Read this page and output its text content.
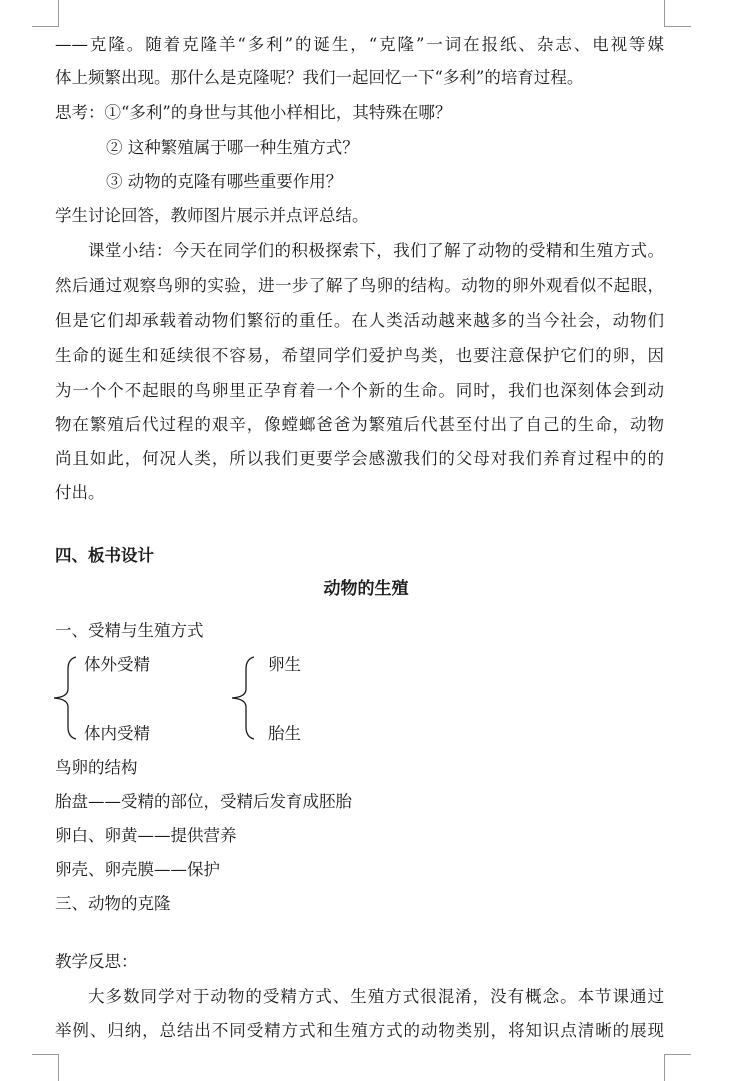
——克隆。随着克隆羊“多利”的诞生，“克隆”一词在报纸、杂志、电视等媒
体上频繁出现。那什么是克隆呢？我们一起回忆一下“多利”的培育过程。
思考：①“多利”的身世与其他小样相比，其特殊在哪？
② 这种繁殖属于哪一种生殖方式？
③ 动物的克隆有哪些重要作用？
学生讨论回答，教师图片展示并点评总结。
课堂小结：今天在同学们的积极探索下，我们了解了动物的受精和生殖方式。
然后通过观察鸟卵的实验，进一步了解了鸟卵的结构。动物的卵外观看似不起眼，
但是它们却承载着动物们繁衍的重任。在人类活动越来越多的当今社会，动物们
生命的诞生和延续很不容易，希望同学们爱护鸟类，也要注意保护它们的卵，因
为一个个不起眼的鸟卵里正孕育着一个个新的生命。同时，我们也深刻体会到动
物在繁殖后代过程的艰辛，像螳螂爸爸为繁殖后代甚至付出了自己的生命，动物
尚且如此，何况人类，所以我们更要学会感激我们的父母对我们养育过程中的的
付出。
四、板书设计
动物的生殖
一、受精与生殖方式
体外受精
体内受精
卵生
胎生
鸟卵的结构
胎盘——受精的部位，受精后发育成胚胎
卵白、卵黄——提供营养
卵壳、卵壳膜——保护
三、动物的克隆
教学反思：
大多数同学对于动物的受精方式、生殖方式很混淆，没有概念。本节课通过
举例、归纳，总结出不同受精方式和生殖方式的动物类别，将知识点清晰的展现
